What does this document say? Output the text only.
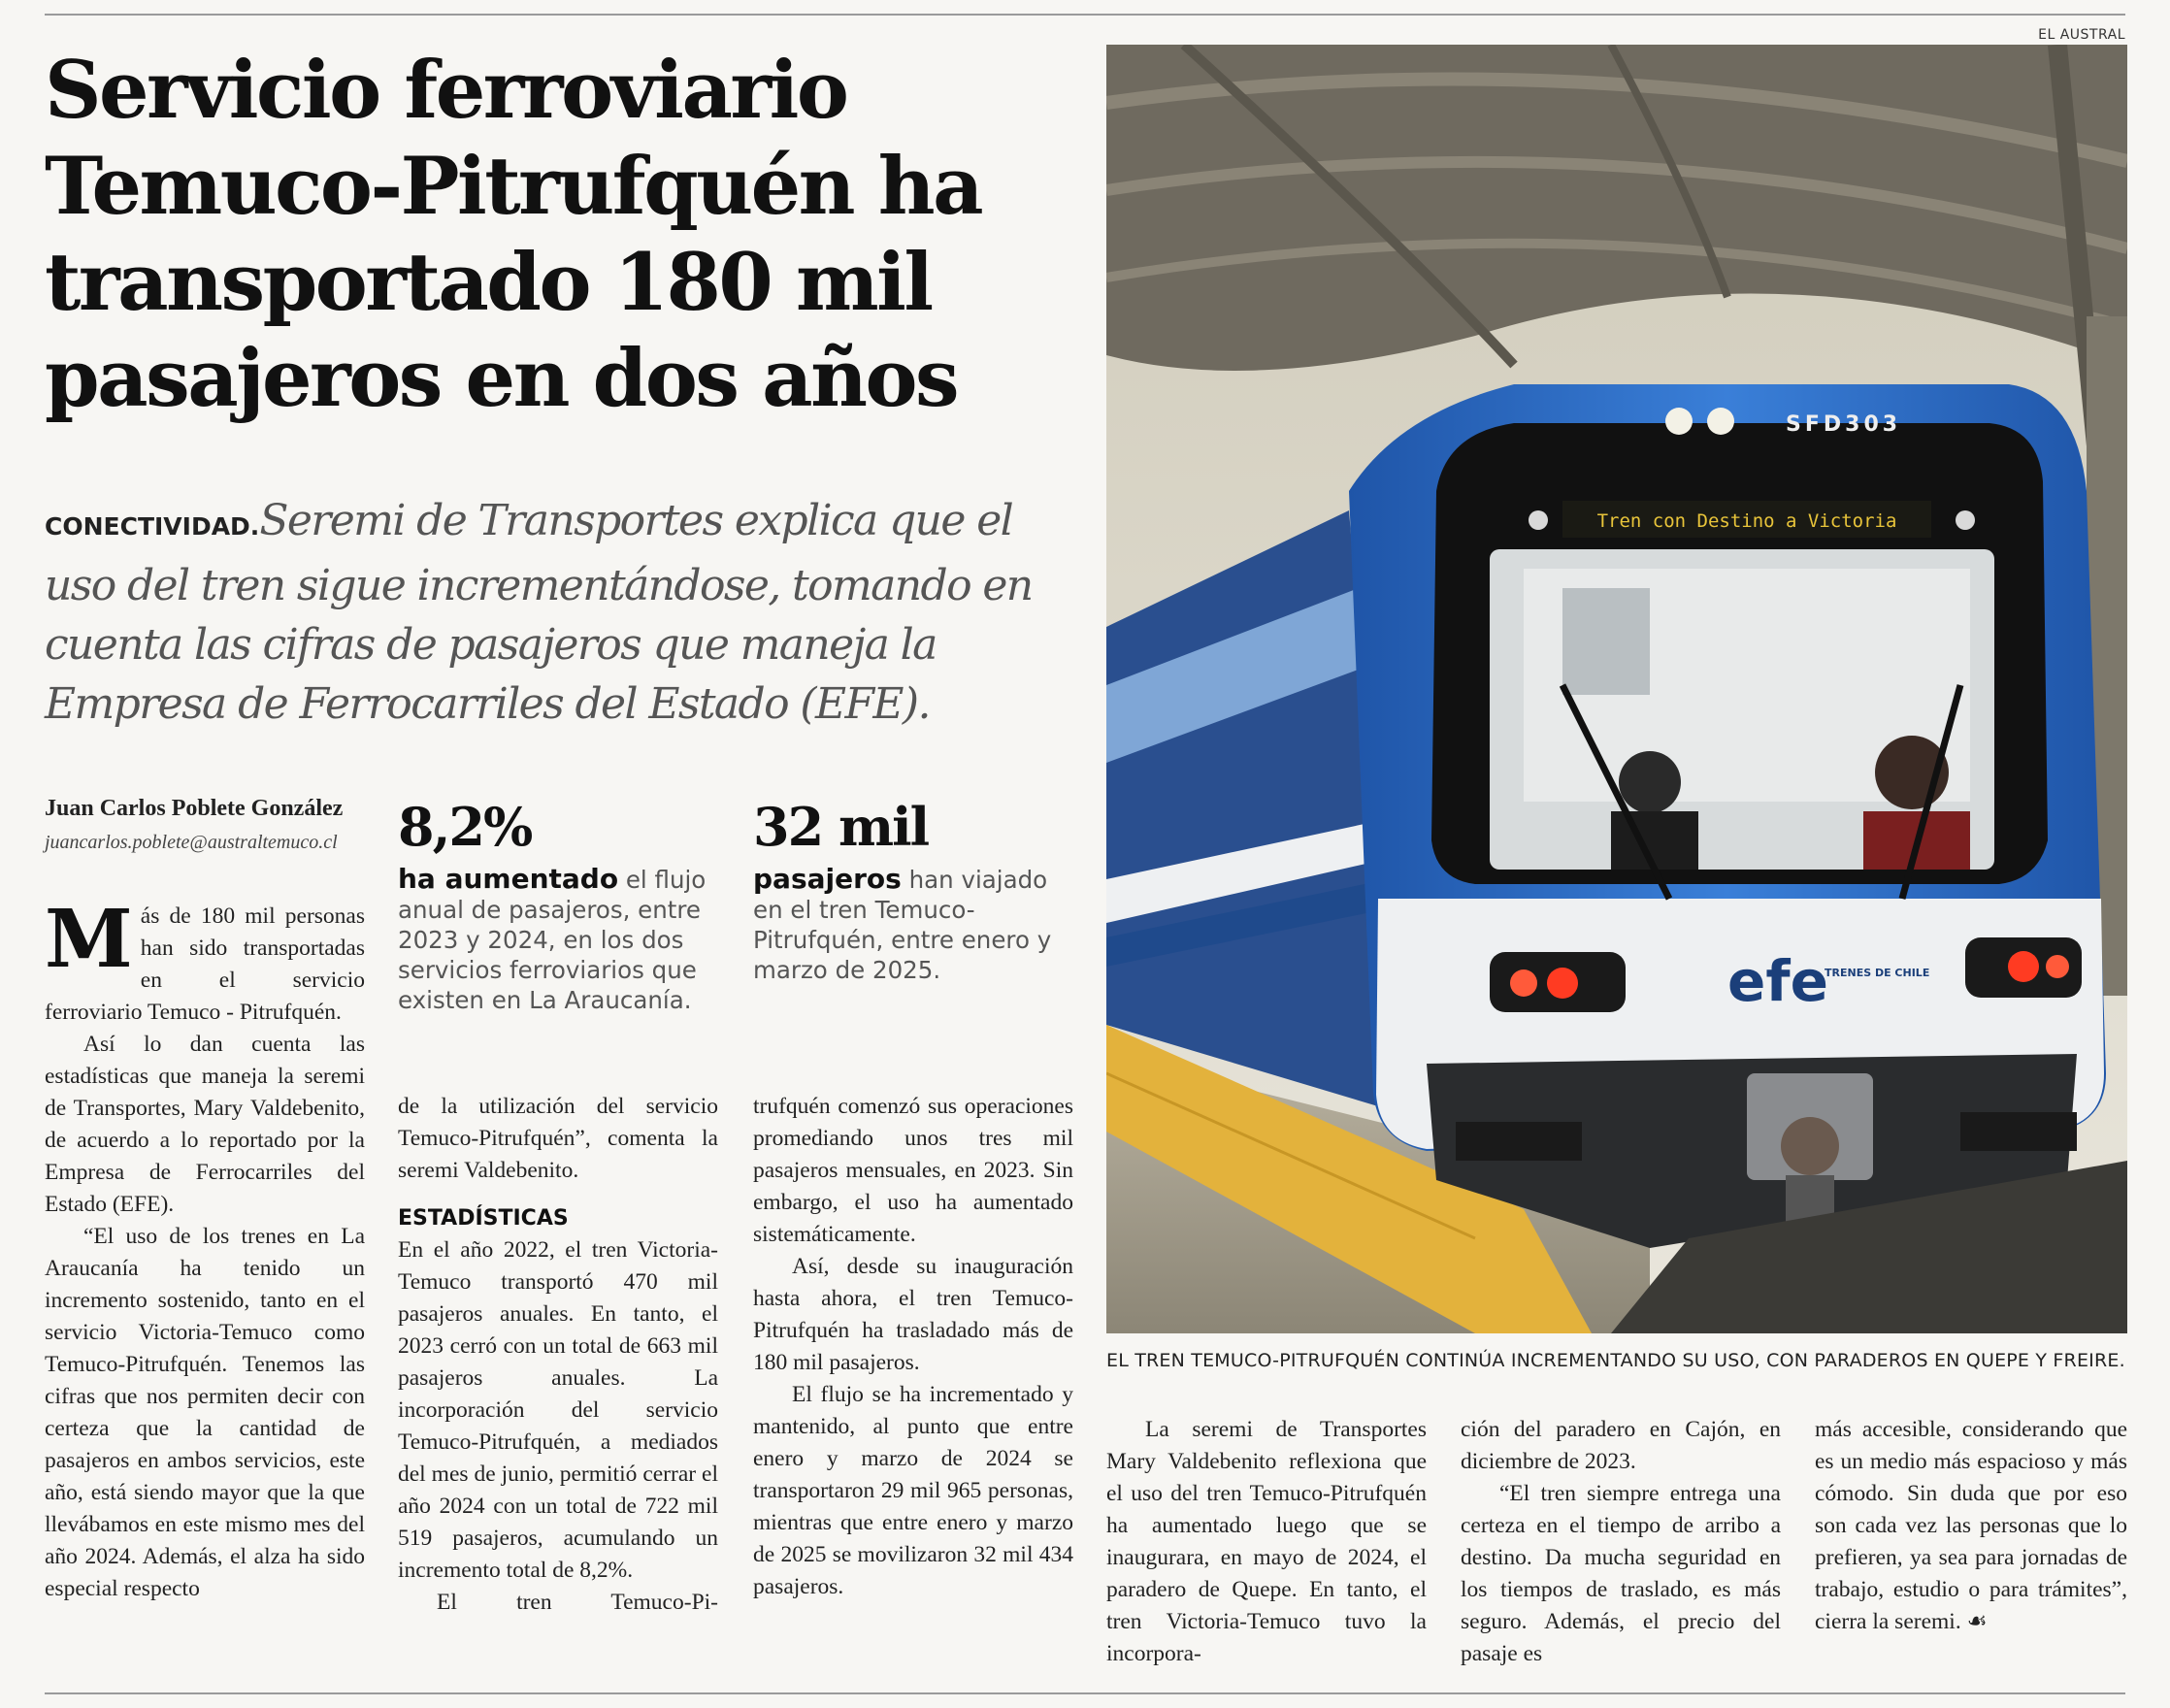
EL AUSTRAL
Servicio ferroviario Temuco-Pitrufquén ha transportado 180 mil pasajeros en dos años
CONECTIVIDAD.Seremi de Transportes explica que el uso del tren sigue incrementándose, tomando en cuenta las cifras de pasajeros que maneja la Empresa de Ferrocarriles del Estado (EFE).
Juan Carlos Poblete González
juancarlos.poblete@australtemuco.cl

Más de 180 mil personas han sido transportadas en el servicio ferroviario Temuco - Pitrufquén.

Así lo dan cuenta las estadísticas que maneja la seremi de Transportes, Mary Valdebenito, de acuerdo a lo reportado por la Empresa de Ferrocarriles del Estado (EFE).

“El uso de los trenes en La Araucanía ha tenido un incremento sostenido, tanto en el servicio Victoria-Temuco como Temuco-Pitrufquén. Tenemos las cifras que nos permiten decir con certeza que la cantidad de pasajeros en ambos servicios, este año, está siendo mayor que la que llevábamos en este mismo mes del año 2024. Además, el alza ha sido especial respecto

8,2%
ha aumentado el flujo anual de pasajeros, entre 2023 y 2024, en los dos servicios ferroviarios que existen en La Araucanía.
32 mil
pasajeros han viajado en el tren Temuco-Pitrufquén, entre enero y marzo de 2025.

de la utilización del servicio Temuco-Pitrufquén”, comenta la seremi Valdebenito.

ESTADÍSTICAS

En el año 2022, el tren Victoria-Temuco transportó 470 mil pasajeros anuales. En tanto, el 2023 cerró con un total de 663 mil pasajeros anuales. La incorporación del servicio Temuco-Pitrufquén, a mediados del mes de junio, permitió cerrar el año 2024 con un total de 722 mil 519 pasajeros, acumulando un incremento total de 8,2%.

El tren Temuco-Pi-

trufquén comenzó sus operaciones promediando unos tres mil pasajeros mensuales, en 2023. Sin embargo, el uso ha aumentado sistemáticamente.

Así, desde su inauguración hasta ahora, el tren Temuco-Pitrufquén ha trasladado más de 180 mil pasajeros.

El flujo se ha incrementado y mantenido, al punto que entre enero y marzo de 2024 se transportaron 29 mil 965 personas, mientras que entre enero y marzo de 2025 se movilizaron 32 mil 434 pasajeros.

Tren con Destino a Victoria
SFD303
efe
TRENES DE CHILE
EL TREN TEMUCO-PITRUFQUÉN CONTINÚA INCREMENTANDO SU USO, CON PARADEROS EN QUEPE Y FREIRE.

La seremi de Transportes Mary Valdebenito reflexiona que el uso del tren Temuco-Pitrufquén ha aumentado luego que se inaugurara, en mayo de 2024, el paradero de Quepe. En tanto, el tren Victoria-Temuco tuvo la incorpora-

ción del paradero en Cajón, en diciembre de 2023.

“El tren siempre entrega una certeza en el tiempo de arribo a destino. Da mucha seguridad en los tiempos de traslado, es más seguro. Además, el precio del pasaje es

más accesible, considerando que es un medio más espacioso y más cómodo. Sin duda que por eso son cada vez las personas que lo prefieren, ya sea para jornadas de trabajo, estudio o para trámites”, cierra la seremi. ☙
